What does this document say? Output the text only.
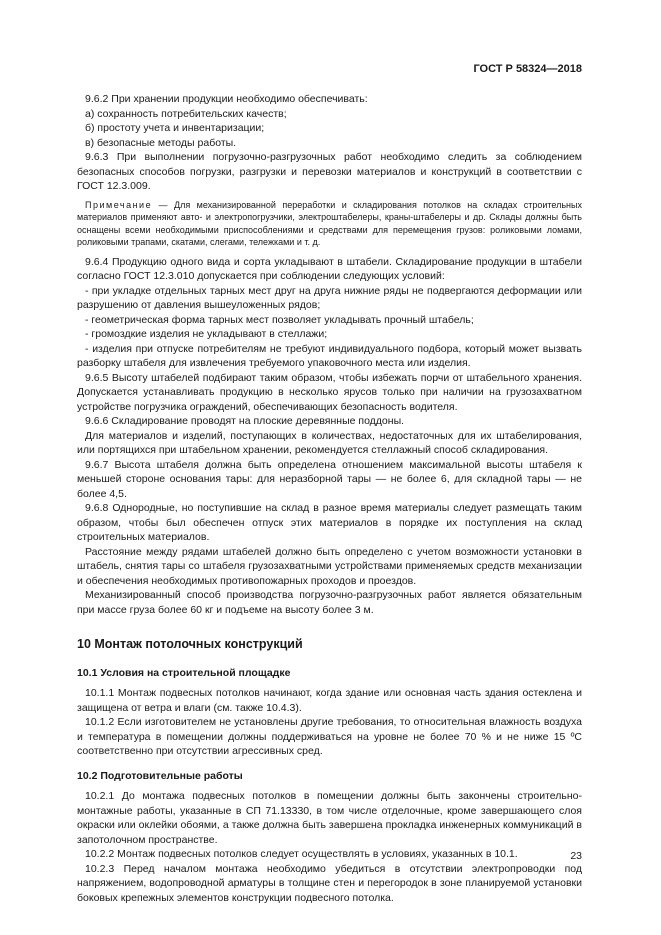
ГОСТ Р 58324—2018

9.6.2 При хранении продукции необходимо обеспечивать:

а) сохранность потребительских качеств;

б) простоту учета и инвентаризации;

в) безопасные методы работы.

9.6.3 При выполнении погрузочно-разгрузочных работ необходимо следить за соблюдением безопасных способов погрузки, разгрузки и перевозки материалов и конструкций в соответствии с ГОСТ 12.3.009.

Примечание — Для механизированной переработки и складирования потолков на складах строительных материалов применяют авто- и электропогрузчики, электроштабелеры, краны-штабелеры и др. Склады должны быть оснащены всеми необходимыми приспособлениями и средствами для перемещения грузов: роликовыми ломами, роликовыми трапами, скатами, слегами, тележками и т. д.

9.6.4 Продукцию одного вида и сорта укладывают в штабели. Складирование продукции в штабели согласно ГОСТ 12.3.010 допускается при соблюдении следующих условий:

- при укладке отдельных тарных мест друг на друга нижние ряды не подвергаются деформации или разрушению от давления вышеуложенных рядов;

- геометрическая форма тарных мест позволяет укладывать прочный штабель;

- громоздкие изделия не укладывают в стеллажи;

- изделия при отпуске потребителям не требуют индивидуального подбора, который может вызвать разборку штабеля для извлечения требуемого упаковочного места или изделия.

9.6.5 Высоту штабелей подбирают таким образом, чтобы избежать порчи от штабельного хранения. Допускается устанавливать продукцию в несколько ярусов только при наличии на грузозахватном устройстве погрузчика ограждений, обеспечивающих безопасность водителя.

9.6.6 Складирование проводят на плоские деревянные поддоны.

Для материалов и изделий, поступающих в количествах, недостаточных для их штабелирования, или портящихся при штабельном хранении, рекомендуется стеллажный способ складирования.

9.6.7 Высота штабеля должна быть определена отношением максимальной высоты штабеля к меньшей стороне основания тары: для неразборной тары — не более 6, для складной тары — не более 4,5.

9.6.8 Однородные, но поступившие на склад в разное время материалы следует размещать таким образом, чтобы был обеспечен отпуск этих материалов в порядке их поступления на склад строительных материалов.

Расстояние между рядами штабелей должно быть определено с учетом возможности установки в штабель, снятия тары со штабеля грузозахватными устройствами применяемых средств механизации и обеспечения необходимых противопожарных проходов и проездов.

Механизированный способ производства погрузочно-разгрузочных работ является обязательным при массе груза более 60 кг и подъеме на высоту более 3 м.

10 Монтаж потолочных конструкций
10.1 Условия на строительной площадке

10.1.1 Монтаж подвесных потолков начинают, когда здание или основная часть здания остеклена и защищена от ветра и влаги (см. также 10.4.3).

10.1.2 Если изготовителем не установлены другие требования, то относительная влажность воздуха и температура в помещении должны поддерживаться на уровне не более 70 % и не ниже 15 ºС соответственно при отсутствии агрессивных сред.

10.2 Подготовительные работы

10.2.1 До монтажа подвесных потолков в помещении должны быть закончены строительно-монтажные работы, указанные в СП 71.13330, в том числе отделочные, кроме завершающего слоя окраски или оклейки обоями, а также должна быть завершена прокладка инженерных коммуникаций в запотолочном пространстве.

10.2.2 Монтаж подвесных потолков следует осуществлять в условиях, указанных в 10.1.

10.2.3 Перед началом монтажа необходимо убедиться в отсутствии электропроводки под напряжением, водопроводной арматуры в толщине стен и перегородок в зоне планируемой установки боковых крепежных элементов конструкции подвесного потолка.

23
